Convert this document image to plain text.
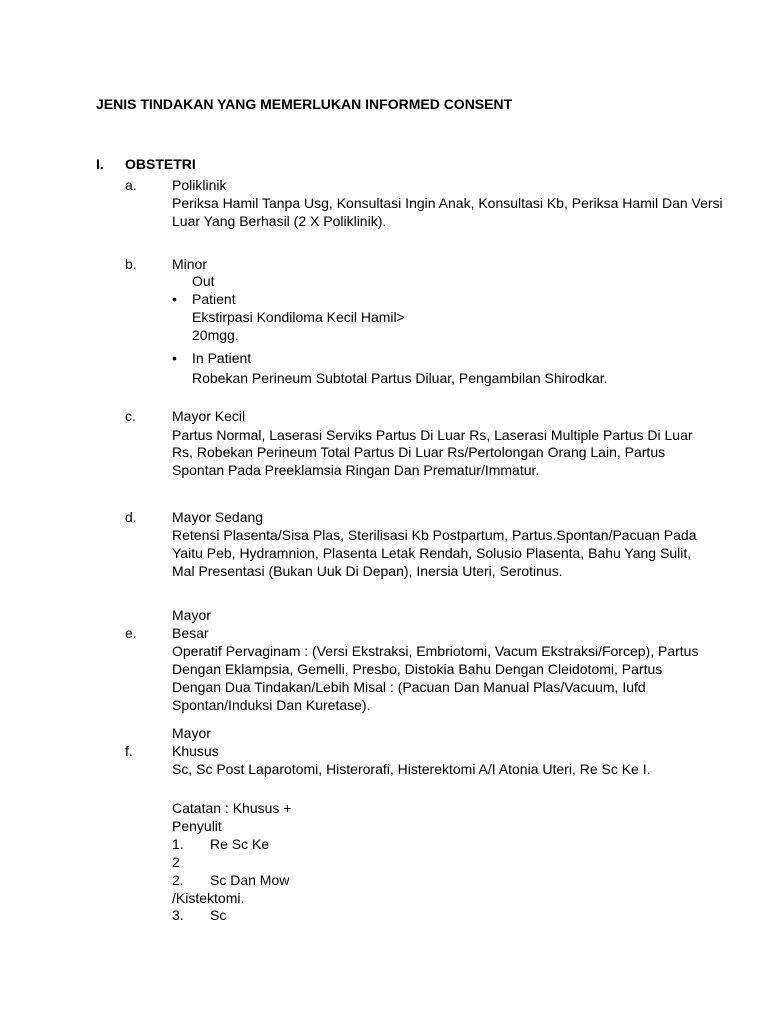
JENIS TINDAKAN YANG MEMERLUKAN INFORMED CONSENT
I. OBSTETRI
a.	Poliklinik
Periksa Hamil Tanpa Usg, Konsultasi Ingin Anak, Konsultasi Kb, Periksa Hamil Dan Versi
Luar Yang Berhasil (2 X Poliklinik).
b.	Minor
Out
• Patient
Ekstirpasi Kondiloma Kecil Hamil>
20mgg.
• In Patient
Robekan Perineum Subtotal Partus Diluar, Pengambilan Shirodkar.
c.	Mayor Kecil
Partus Normal, Laserasi Serviks Partus Di Luar Rs, Laserasi Multiple Partus Di Luar
Rs, Robekan Perineum Total Partus Di Luar Rs/Pertolongan Orang Lain, Partus
Spontan Pada Preeklamsia Ringan Dan Prematur/Immatur.
d.	Mayor Sedang
Retensi Plasenta/Sisa Plas, Sterilisasi Kb Postpartum, Partus.Spontan/Pacuan Pada
Yaitu Peb, Hydramnion, Plasenta Letak Rendah, Solusio Plasenta, Bahu Yang Sulit,
Mal Presentasi (Bukan Uuk Di Depan), Inersia Uteri, Serotinus.
Mayor
e.	Besar
Operatif Pervaginam : (Versi Ekstraksi, Embriotomi, Vacum Ekstraksi/Forcep), Partus
Dengan Eklampsia, Gemelli, Presbo, Distokia Bahu Dengan Cleidotomi, Partus
Dengan Dua Tindakan/Lebih Misal : (Pacuan Dan Manual Plas/Vacuum, Iufd
Spontan/Induksi Dan Kuretase).
Mayor
f.	Khusus
Sc, Sc Post Laparotomi, Histerorafi, Histerektomi A/I Atonia Uteri, Re Sc Ke I.
Catatan : Khusus +
Penyulit
1. Re Sc Ke
2
2. Sc Dan Mow
/Kistektomi.
3. Sc
